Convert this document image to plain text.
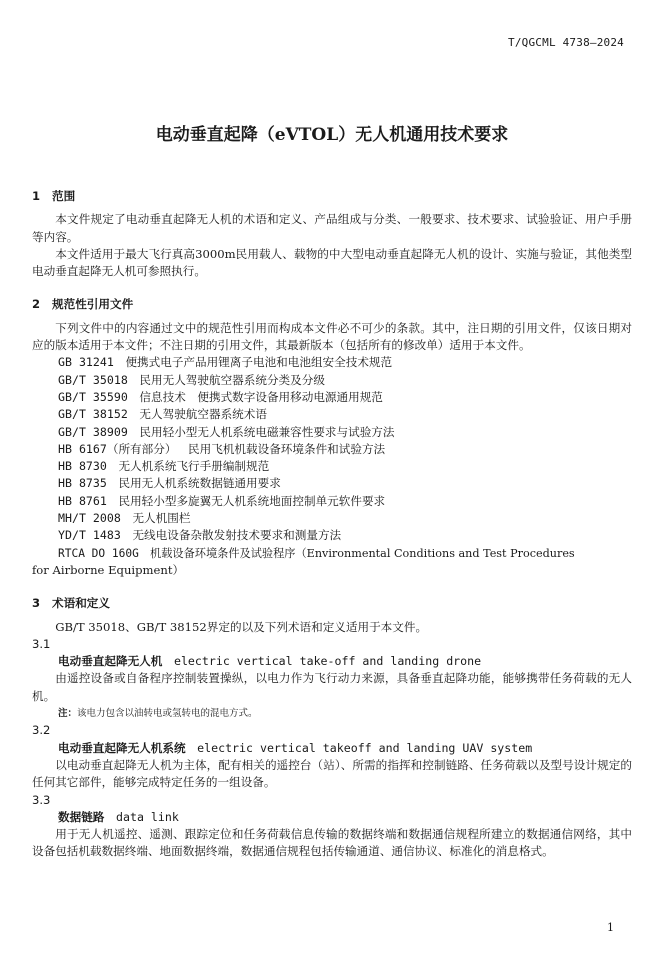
T/QGCML 4738—2024
电动垂直起降（eVTOL）无人机通用技术要求
1 范围

本文件规定了电动垂直起降无人机的术语和定义、产品组成与分类、一般要求、技术要求、试验验证、用户手册等内容。

本文件适用于最大飞行真高3000m民用载人、载物的中大型电动垂直起降无人机的设计、实施与验证，其他类型电动垂直起降无人机可参照执行。

2 规范性引用文件

下列文件中的内容通过文中的规范性引用而构成本文件必不可少的条款。其中，注日期的引用文件，仅该日期对应的版本适用于本文件；不注日期的引用文件，其最新版本（包括所有的修改单）适用于本文件。

GB 31241　 便携式电子产品用锂离子电池和电池组安全技术规范

GB/T 35018　 民用无人驾驶航空器系统分类及分级

GB/T 35590　 信息技术　便携式数字设备用移动电源通用规范

GB/T 38152　 无人驾驶航空器系统术语

GB/T 38909　 民用轻小型无人机系统电磁兼容性要求与试验方法

HB 6167（所有部分）　 民用飞机机载设备环境条件和试验方法

HB 8730　 无人机系统飞行手册编制规范

HB 8735　 民用无人机系统数据链通用要求

HB 8761　 民用轻小型多旋翼无人机系统地面控制单元软件要求

MH/T 2008　 无人机围栏

YD/T 1483　 无线电设备杂散发射技术要求和测量方法

RTCA DO 160G　 机载设备环境条件及试验程序（Environmental Conditions and Test Procedures

for Airborne Equipment）

3 术语和定义

GB/T 35018、GB/T 38152界定的以及下列术语和定义适用于本文件。

3.1

电动垂直起降无人机　 electric vertical take-off and landing drone

由遥控设备或自备程序控制装置操纵，以电力作为飞行动力来源，具备垂直起降功能，能够携带任务荷载的无人机。

注：该电力包含以油转电或氢转电的混电方式。

3.2

电动垂直起降无人机系统　 electric vertical takeoff and landing UAV system

以电动垂直起降无人机为主体，配有相关的遥控台（站）、所需的指挥和控制链路、任务荷载以及型号设计规定的任何其它部件，能够完成特定任务的一组设备。

3.3

数据链路　 data link

用于无人机遥控、遥测、跟踪定位和任务荷载信息传输的数据终端和数据通信规程所建立的数据通信网络，其中设备包括机载数据终端、地面数据终端，数据通信规程包括传输通道、通信协议、标准化的消息格式。

1
